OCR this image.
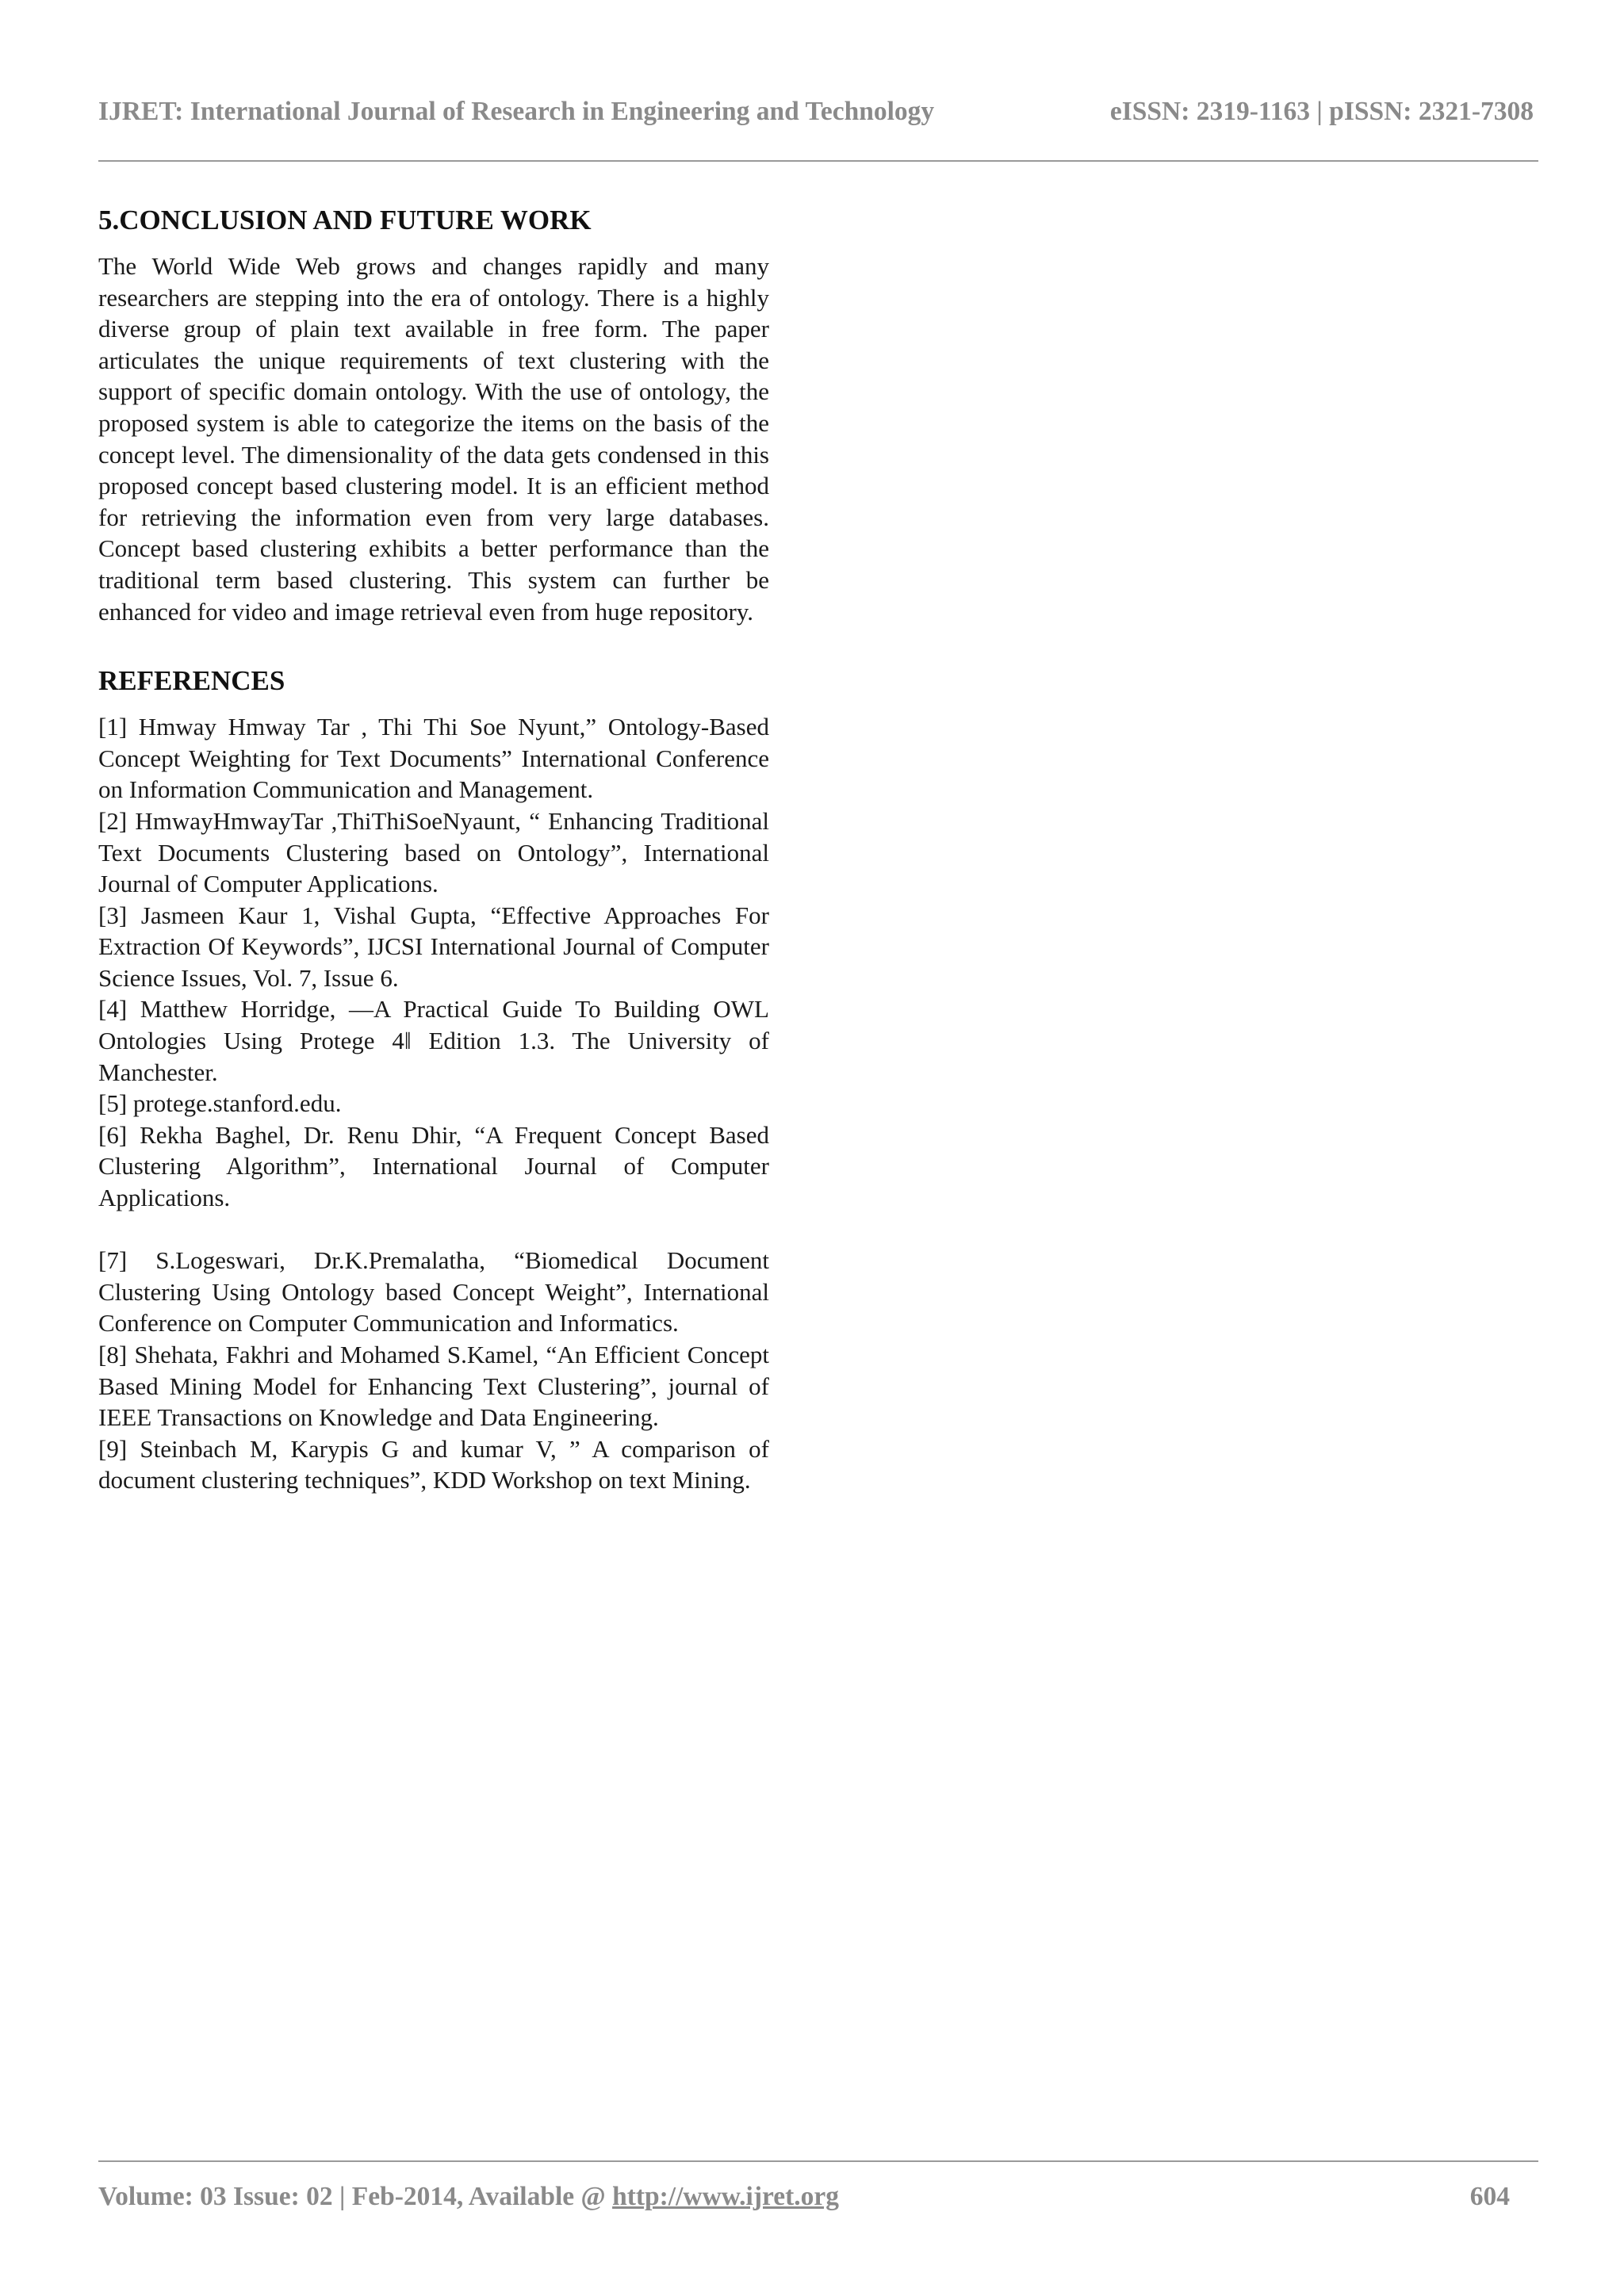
IJRET: International Journal of Research in Engineering and Technology	eISSN: 2319-1163 | pISSN: 2321-7308
5.CONCLUSION AND FUTURE WORK

The World Wide Web grows and changes rapidly and many researchers are stepping into the era of ontology. There is a highly diverse group of plain text available in free form. The paper articulates the unique requirements of text clustering with the support of specific domain ontology. With the use of ontology, the proposed system is able to categorize the items on the basis of the concept level. The dimensionality of the data gets condensed in this proposed concept based clustering model. It is an efficient method for retrieving the information even from very large databases. Concept based clustering exhibits a better performance than the traditional term based clustering. This system can further be enhanced for video and image retrieval even from huge repository.

REFERENCES

[1] Hmway Hmway Tar , Thi Thi Soe Nyunt,” Ontology-Based Concept Weighting for Text Documents” International Conference on Information Communication and Management.

[2] HmwayHmwayTar ,ThiThiSoeNyaunt, “ Enhancing Traditional Text Documents Clustering based on Ontology”, International Journal of Computer Applications.

[3] Jasmeen Kaur 1, Vishal Gupta, “Effective Approaches For Extraction Of Keywords”, IJCSI International Journal of Computer Science Issues, Vol. 7, Issue 6.

[4] Matthew Horridge, ―A Practical Guide To Building OWL Ontologies Using Protege 4‖ Edition 1.3. The University of Manchester.

[5] protege.stanford.edu.

[6] Rekha Baghel, Dr. Renu Dhir, “A Frequent Concept Based Clustering Algorithm”, International Journal of Computer Applications.

[7] S.Logeswari, Dr.K.Premalatha, “Biomedical Document Clustering Using Ontology based Concept Weight”, International Conference on Computer Communication and Informatics.

[8] Shehata, Fakhri and Mohamed S.Kamel, “An Efficient Concept Based Mining Model for Enhancing Text Clustering”, journal of IEEE Transactions on Knowledge and Data Engineering.

[9] Steinbach M, Karypis G and kumar V, ” A comparison of document clustering techniques”, KDD Workshop on text Mining.

Volume: 03 Issue: 02 | Feb-2014, Available @ http://www.ijret.org	604
